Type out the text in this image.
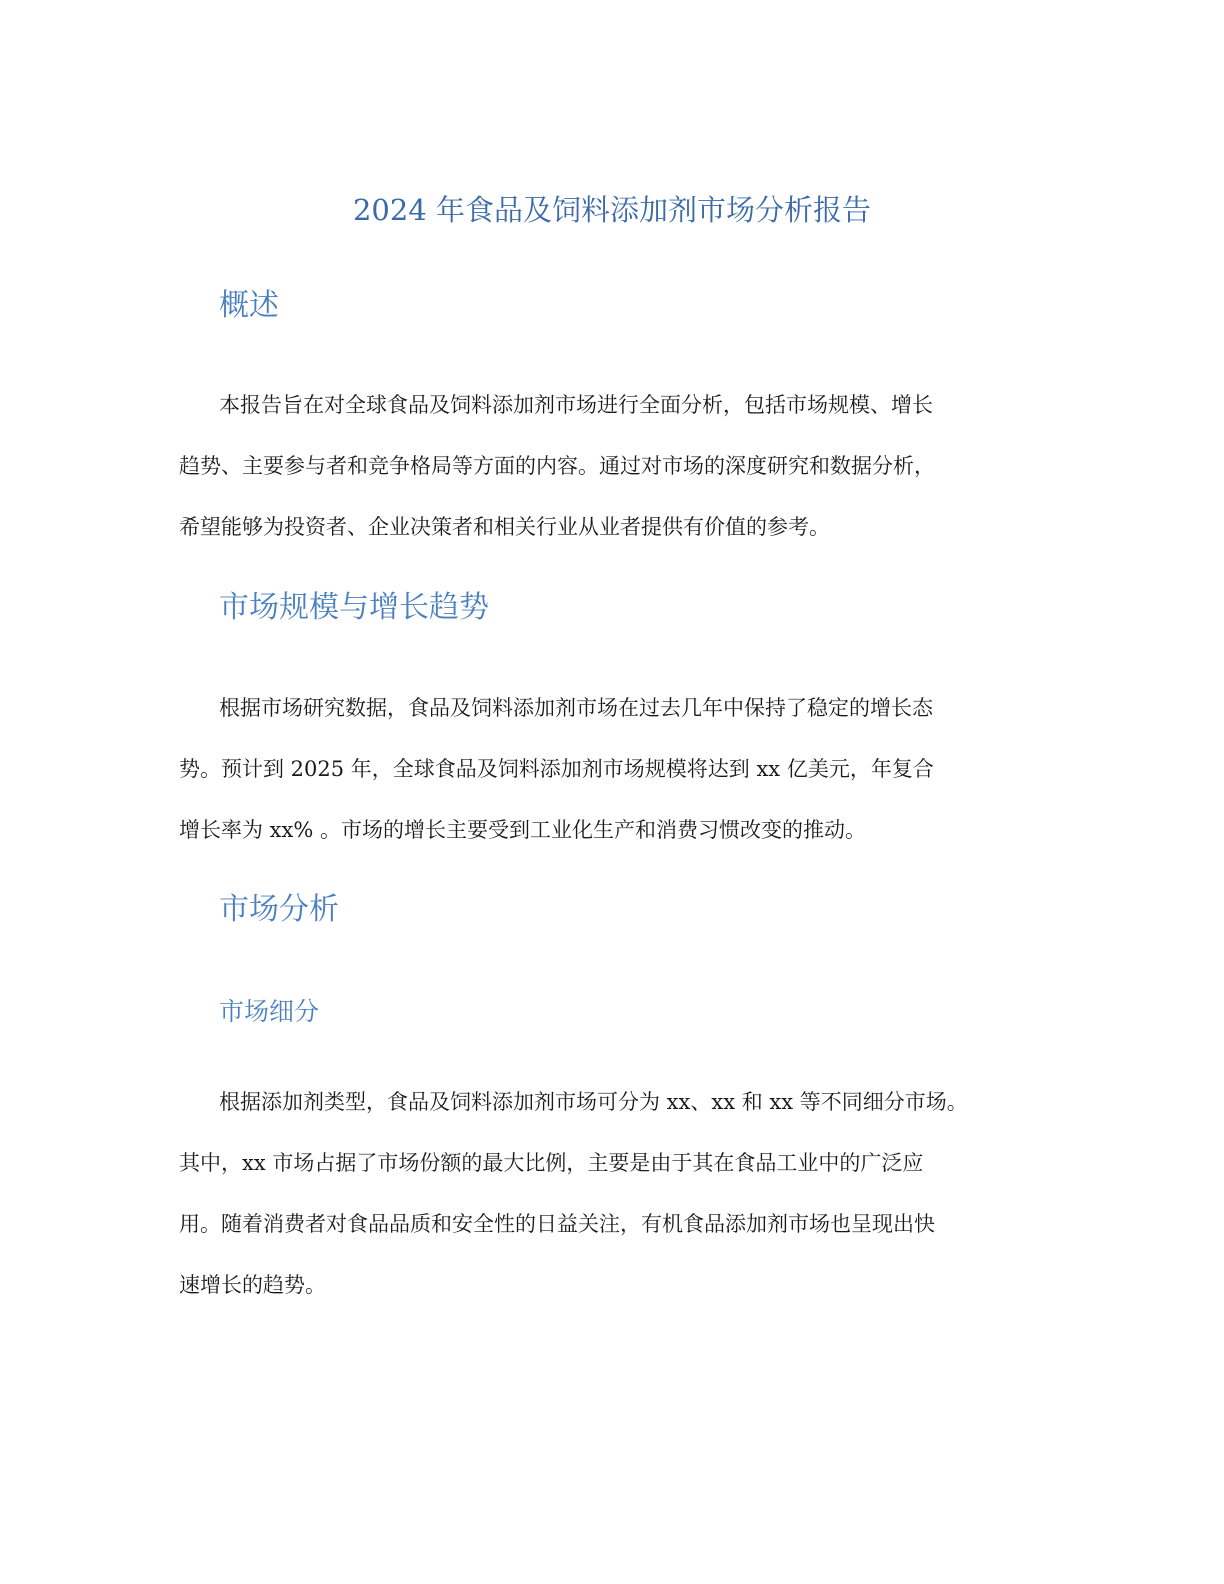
2024 年食品及饲料添加剂市场分析报告
概述
本报告旨在对全球食品及饲料添加剂市场进行全面分析，包括市场规模、增长
趋势、主要参与者和竞争格局等方面的内容。通过对市场的深度研究和数据分析，
希望能够为投资者、企业决策者和相关行业从业者提供有价值的参考。
市场规模与增长趋势
根据市场研究数据，食品及饲料添加剂市场在过去几年中保持了稳定的增长态
势。预计到 2025 年，全球食品及饲料添加剂市场规模将达到 xx 亿美元，年复合
增长率为 xx% 。市场的增长主要受到工业化生产和消费习惯改变的推动。
市场分析
市场细分
根据添加剂类型，食品及饲料添加剂市场可分为 xx、xx 和 xx 等不同细分市场。
其中，xx 市场占据了市场份额的最大比例，主要是由于其在食品工业中的广泛应
用。随着消费者对食品品质和安全性的日益关注，有机食品添加剂市场也呈现出快
速增长的趋势。
